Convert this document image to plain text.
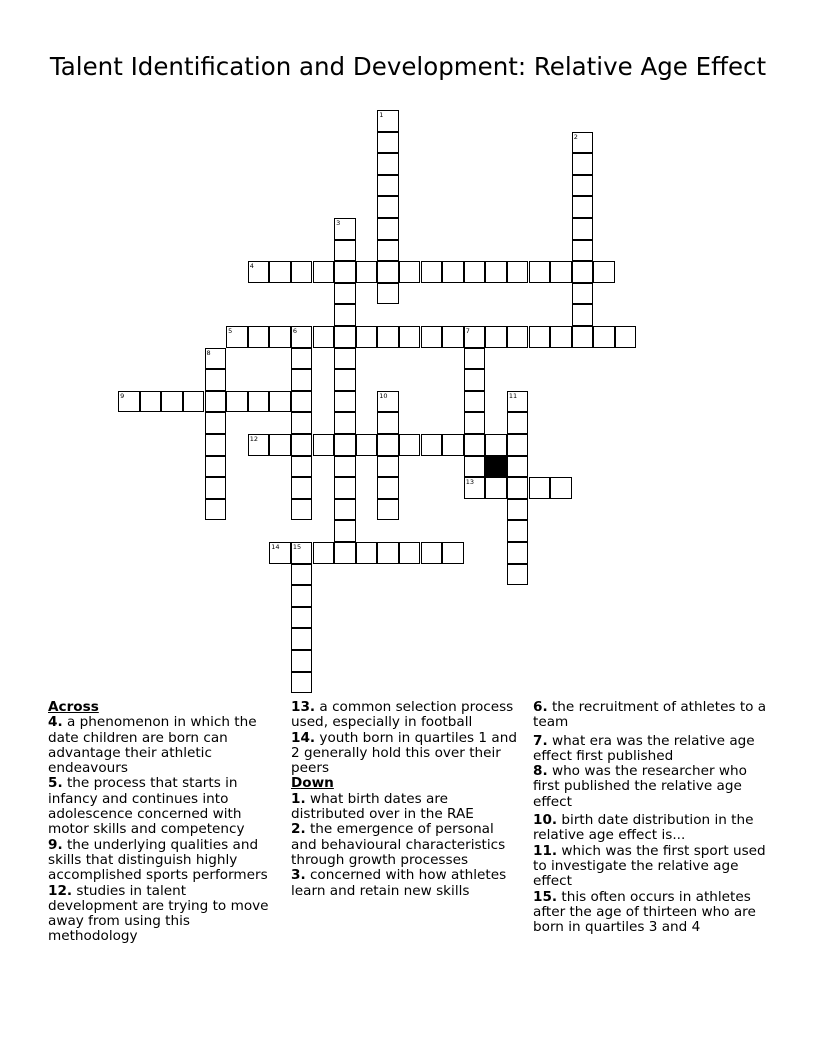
Talent Identification and Development: Relative Age Effect
1
2
3
4
5	6	7
8
9	10	11
12
13
14 15

Across

4. a phenomenon in which the date children are born can advantage their athletic endeavours

5. the process that starts in infancy and continues into adolescence concerned with motor skills and competency

9. the underlying qualities and skills that distinguish highly accomplished sports performers

12. studies in talent development are trying to move away from using this methodology

13. a common selection process used, especially in football

14. youth born in quartiles 1 and 2 generally hold this over their peers

Down

1. what birth dates are distributed over in the RAE

2. the emergence of personal and behavioural characteristics through growth processes

3. concerned with how athletes learn and retain new skills

6. the recruitment of athletes to a team

7. what era was the relative age effect first published

8. who was the researcher who first published the relative age effect

10. birth date distribution in the relative age effect is...

11. which was the first sport used to investigate the relative age effect

15. this often occurs in athletes after the age of thirteen who are born in quartiles 3 and 4
